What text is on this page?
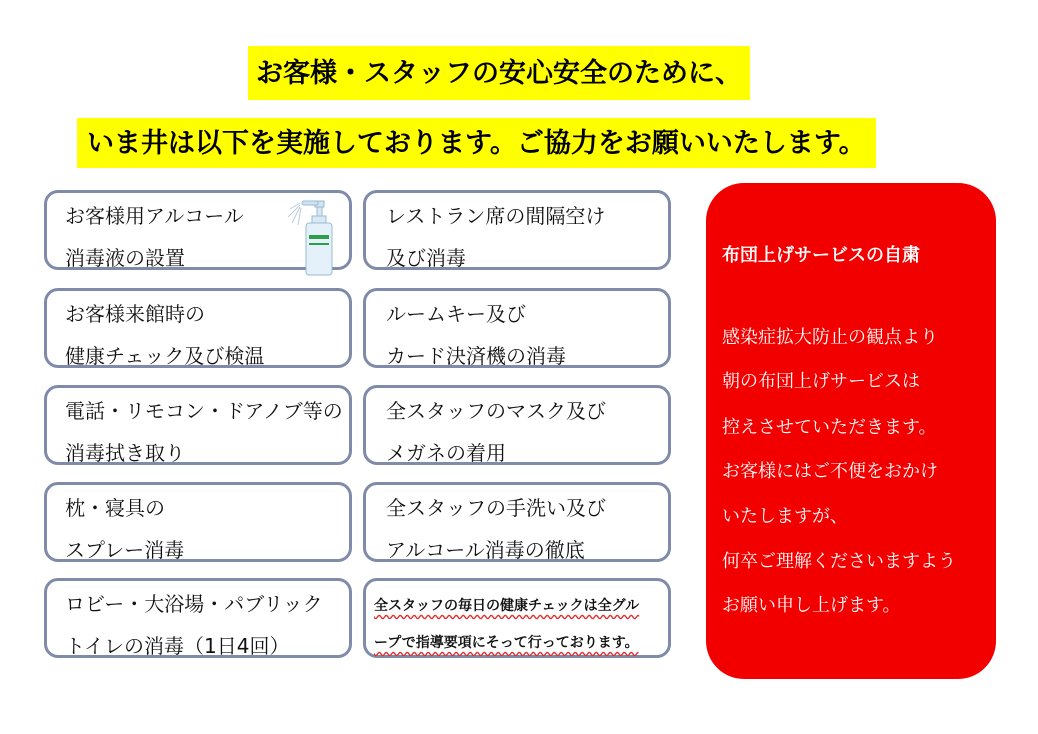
お客様・スタッフの安心安全のために、
いま井は以下を実施しております。ご協力をお願いいたします。
お客様用アルコール
消毒液の設置
お客様来館時の
健康チェック及び検温
電話・リモコン・ドアノブ等の
消毒拭き取り
枕・寝具の
スプレー消毒
ロビー・大浴場・パブリック
トイレの消毒（1日4回）
レストラン席の間隔空け
及び消毒
ルームキー及び
カード決済機の消毒
全スタッフのマスク及び
メガネの着用
全スタッフの手洗い及び
アルコール消毒の徹底
全スタッフの毎日の健康チェックは全グル
ープで指導要項にそって行っております。
布団上げサービスの自粛
感染症拡大防止の観点より
朝の布団上げサービスは
控えさせていただきます。
お客様にはご不便をおかけ
いたしますが、
何卒ご理解くださいますよう
お願い申し上げます。
